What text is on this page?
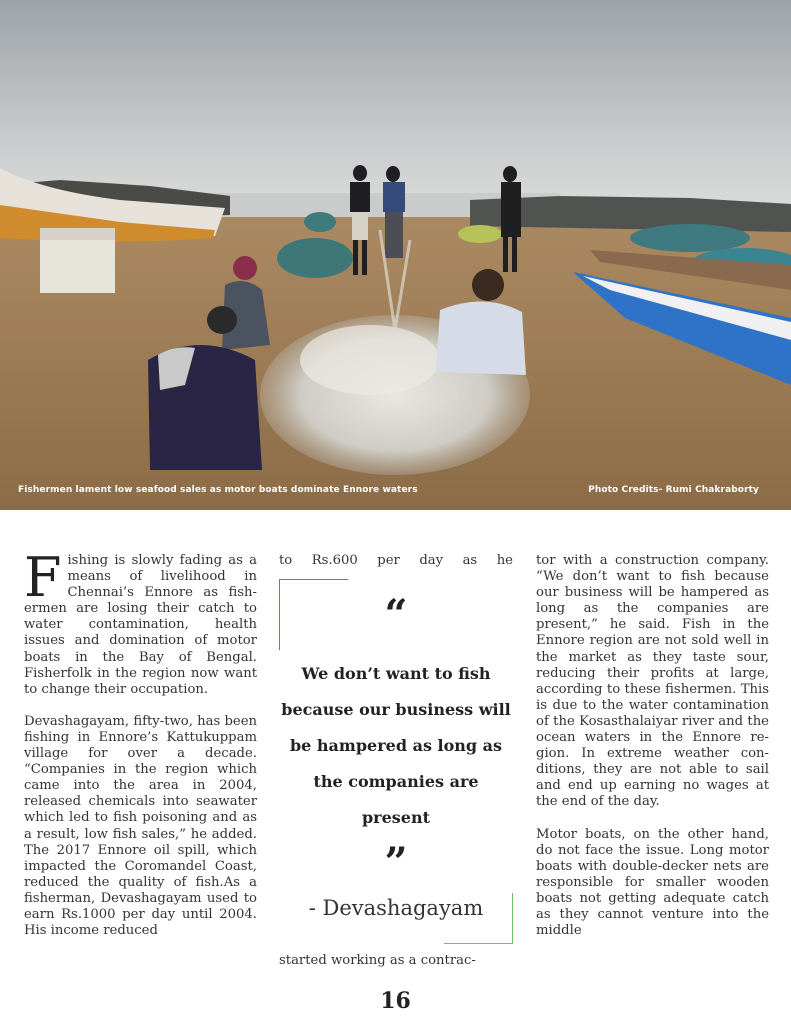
Fishermen lament low seafood sales as motor boats dominate Ennore waters	Photo Credits- Rumi Chakraborty

Fishing is slowly fading as a means of livelihood in Chennai’s Ennore as fishermen are losing their catch to water contamination, health issues and domination of motor boats in the Bay of Bengal. Fisherfolk in the region now want to change their occupation.

Devashagayam, fifty-two, has been fishing in Ennore’s Kattukuppam village for over a decade. “Companies in the region which came into the area in 2004, released chemicals into seawater which led to fish poisoning and as a result, low fish sales,” he added. The 2017 Ennore oil spill, which impacted the Coromandel Coast, reduced the quality of fish.As a fisherman, Devashagayam used to earn Rs.1000 per day until 2004. His income reduced

to Rs.600 per day as he
“
We don’t want to fish because our business will be hampered as long as the companies are present
”
- Devashagayam
started working as a contrac-

tor with a construction company. “We don’t want to fish because our business will be hampered as long as the companies are present,” he said. Fish in the Ennore region are not sold well in the market as they taste sour, reducing their profits at large, according to these fishermen. This is due to the water contamination of the Kosasthalaiyar river and the ocean waters in the Ennore region. In extreme weather conditions, they are not able to sail and end up earning no wages at the end of the day.

Motor boats, on the other hand, do not face the issue. Long motor boats with double-decker nets are responsible for smaller wooden boats not getting adequate catch as they cannot venture into the middle

16
